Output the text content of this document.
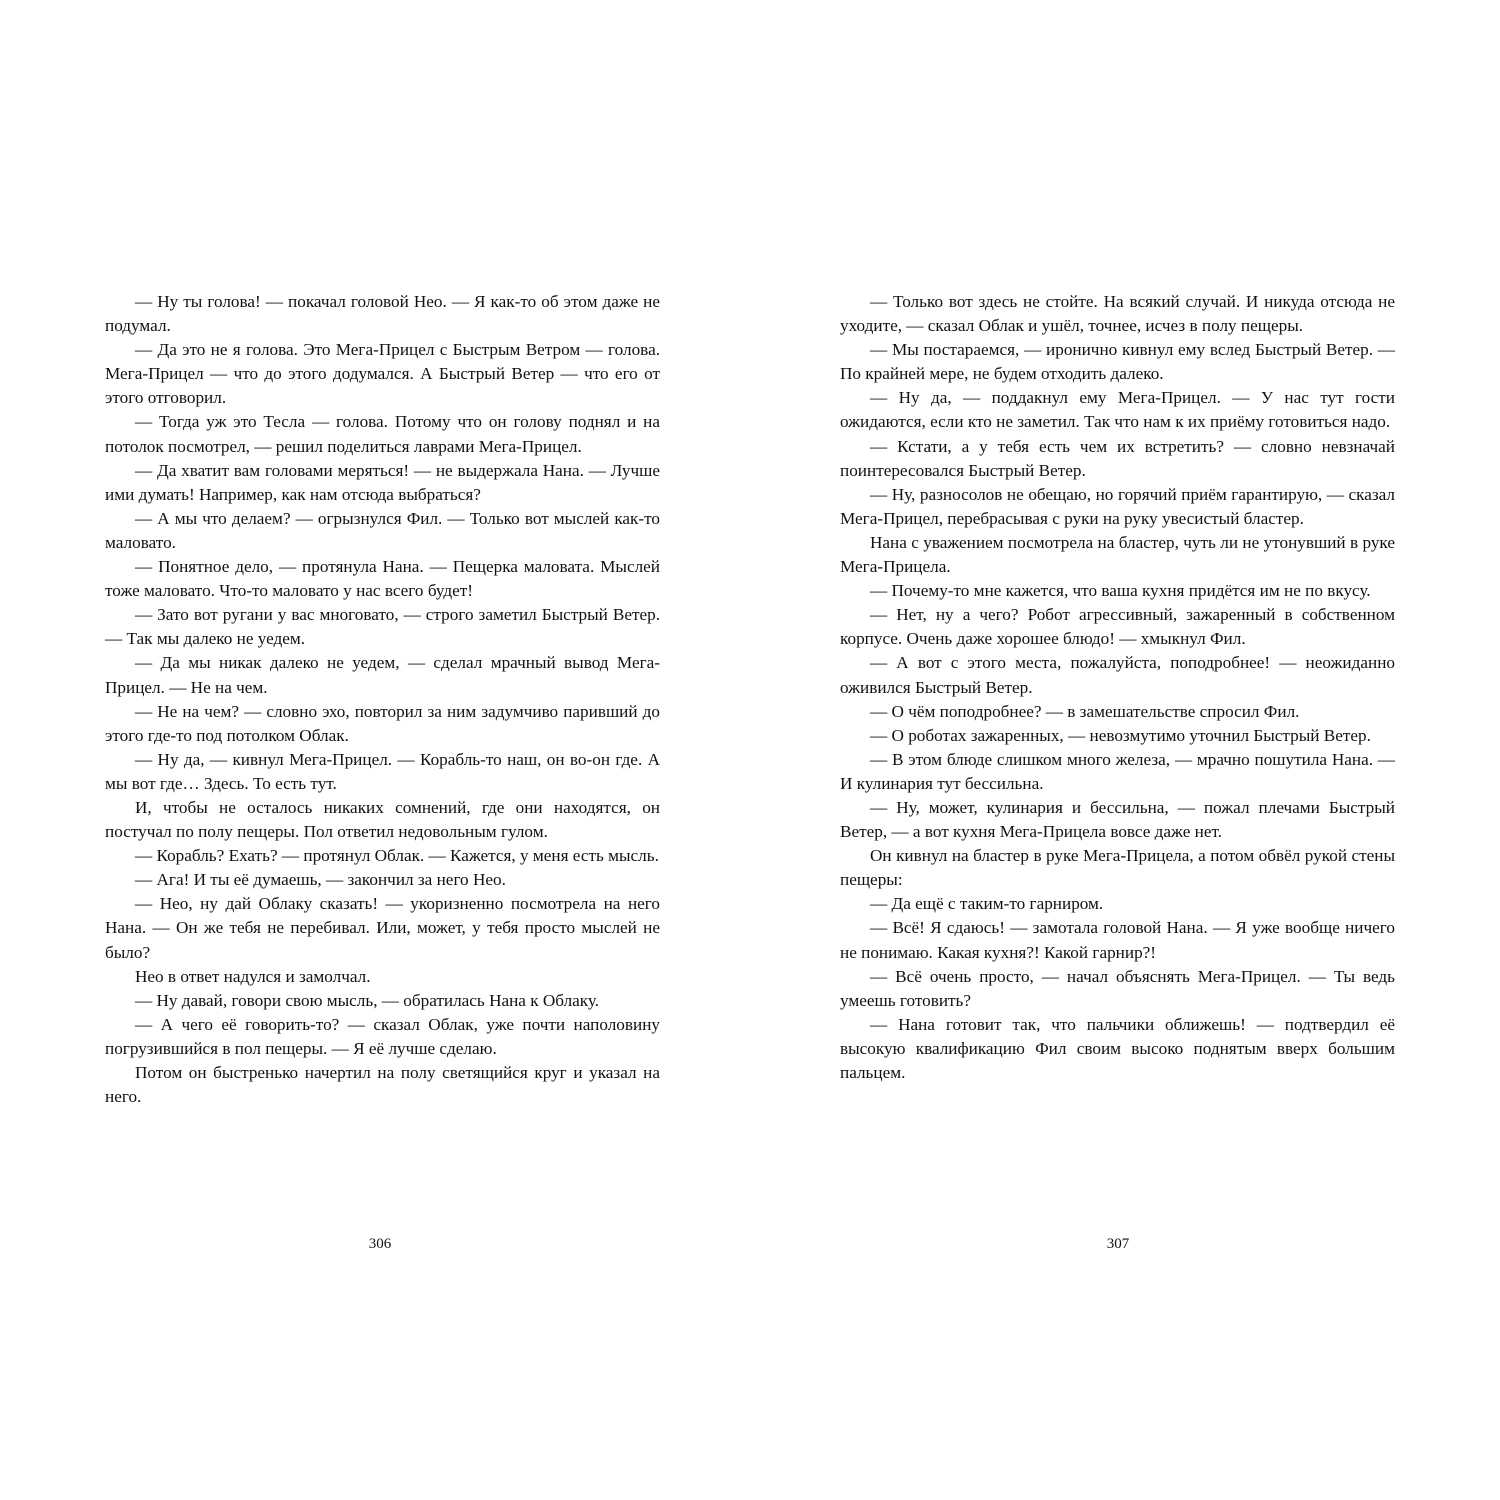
— Ну ты голова! — покачал головой Нео. — Я как-то об этом даже не подумал.

— Да это не я голова. Это Мега-Прицел с Быстрым Ветром — голова. Мега-Прицел — что до этого додумался. А Быстрый Ветер — что его от этого отговорил.

— Тогда уж это Тесла — голова. Потому что он голову поднял и на потолок посмотрел, — решил поделиться лаврами Мега-Прицел.

— Да хватит вам головами меряться! — не выдержала Нана. — Лучше ими думать! Например, как нам отсюда выбраться?

— А мы что делаем? — огрызнулся Фил. — Только вот мыслей как-то маловато.

— Понятное дело, — протянула Нана. — Пещерка маловата. Мыслей тоже маловато. Что-то маловато у нас всего будет!

— Зато вот ругани у вас многовато, — строго заметил Быстрый Ветер. — Так мы далеко не уедем.

— Да мы никак далеко не уедем, — сделал мрачный вывод Мега-Прицел. — Не на чем.

— Не на чем? — словно эхо, повторил за ним задумчиво паривший до этого где-то под потолком Облак.

— Ну да, — кивнул Мега-Прицел. — Корабль-то наш, он во-он где. А мы вот где… Здесь. То есть тут.

И, чтобы не осталось никаких сомнений, где они находятся, он постучал по полу пещеры. Пол ответил недовольным гулом.

— Корабль? Ехать? — протянул Облак. — Кажется, у меня есть мысль.

— Ага! И ты её думаешь, — закончил за него Нео.

— Нео, ну дай Облаку сказать! — укоризненно посмотрела на него Нана. — Он же тебя не перебивал. Или, может, у тебя просто мыслей не было?

Нео в ответ надулся и замолчал.

— Ну давай, говори свою мысль, — обратилась Нана к Облаку.

— А чего её говорить-то? — сказал Облак, уже почти наполовину погрузившийся в пол пещеры. — Я её лучше сделаю.

Потом он быстренько начертил на полу светящийся круг и указал на него.

— Только вот здесь не стойте. На всякий случай. И никуда отсюда не уходите, — сказал Облак и ушёл, точнее, исчез в полу пещеры.

— Мы постараемся, — иронично кивнул ему вслед Быстрый Ветер. — По крайней мере, не будем отходить далеко.

— Ну да, — поддакнул ему Мега-Прицел. — У нас тут гости ожидаются, если кто не заметил. Так что нам к их приёму готовиться надо.

— Кстати, а у тебя есть чем их встретить? — словно невзначай поинтересовался Быстрый Ветер.

— Ну, разносолов не обещаю, но горячий приём гарантирую, — сказал Мега-Прицел, перебрасывая с руки на руку увесистый бластер.

Нана с уважением посмотрела на бластер, чуть ли не утонувший в руке Мега-Прицела.

— Почему-то мне кажется, что ваша кухня придётся им не по вкусу.

— Нет, ну а чего? Робот агрессивный, зажаренный в собственном корпусе. Очень даже хорошее блюдо! — хмыкнул Фил.

— А вот с этого места, пожалуйста, поподробнее! — неожиданно оживился Быстрый Ветер.

— О чём поподробнее? — в замешательстве спросил Фил.

— О роботах зажаренных, — невозмутимо уточнил Быстрый Ветер.

— В этом блюде слишком много железа, — мрачно пошутила Нана. — И кулинария тут бессильна.

— Ну, может, кулинария и бессильна, — пожал плечами Быстрый Ветер, — а вот кухня Мега-Прицела вовсе даже нет.

Он кивнул на бластер в руке Мега-Прицела, а потом обвёл рукой стены пещеры:

— Да ещё с таким-то гарниром.

— Всё! Я сдаюсь! — замотала головой Нана. — Я уже вообще ничего не понимаю. Какая кухня?! Какой гарнир?!

— Всё очень просто, — начал объяснять Мега-Прицел. — Ты ведь умеешь готовить?

— Нана готовит так, что пальчики оближешь! — подтвердил её высокую квалификацию Фил своим высоко поднятым вверх большим пальцем.

306	307
